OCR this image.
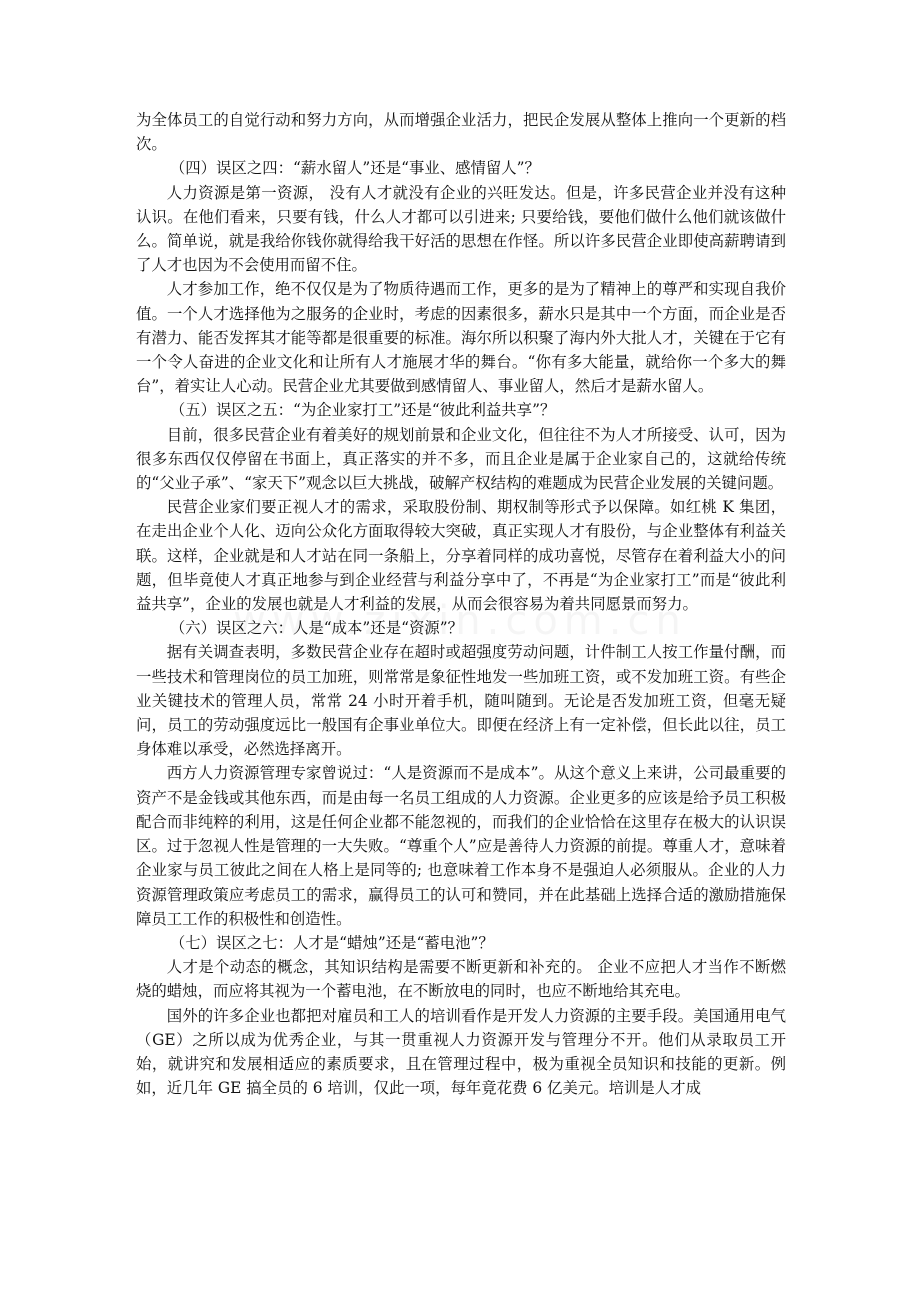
为全体员工的自觉行动和努力方向，从而增强企业活力，把民企发展从整体上推向一个更新的档次。

（四）误区之四：“薪水留人”还是“事业、感情留人”？

人力资源是第一资源， 没有人才就没有企业的兴旺发达。但是，许多民营企业并没有这种认识。在他们看来，只要有钱，什么人才都可以引进来; 只要给钱，要他们做什么他们就该做什么。简单说，就是我给你钱你就得给我干好活的思想在作怪。所以许多民营企业即使高薪聘请到了人才也因为不会使用而留不住。

人才参加工作，绝不仅仅是为了物质待遇而工作，更多的是为了精神上的尊严和实现自我价值。一个人才选择他为之服务的企业时，考虑的因素很多，薪水只是其中一个方面，而企业是否有潜力、能否发挥其才能等都是很重要的标准。海尔所以积聚了海内外大批人才，关键在于它有一个令人奋进的企业文化和让所有人才施展才华的舞台。“你有多大能量，就给你一个多大的舞台”，着实让人心动。民营企业尤其要做到感情留人、事业留人，然后才是薪水留人。

（五）误区之五：“为企业家打工”还是“彼此利益共享”？

目前，很多民营企业有着美好的规划前景和企业文化，但往往不为人才所接受、认可，因为很多东西仅仅停留在书面上，真正落实的并不多，而且企业是属于企业家自己的，这就给传统的“父业子承”、“家天下”观念以巨大挑战，破解产权结构的难题成为民营企业发展的关键问题。

民营企业家们要正视人才的需求，采取股份制、期权制等形式予以保障。如红桃 K 集团，在走出企业个人化、迈向公众化方面取得较大突破，真正实现人才有股份，与企业整体有利益关联。这样，企业就是和人才站在同一条船上，分享着同样的成功喜悦，尽管存在着利益大小的问题，但毕竟使人才真正地参与到企业经营与利益分享中了，不再是“为企业家打工”而是“彼此利益共享”，企业的发展也就是人才利益的发展，从而会很容易为着共同愿景而努力。

（六）误区之六：人是“成本”还是“资源”？

据有关调查表明，多数民营企业存在超时或超强度劳动问题，计件制工人按工作量付酬，而一些技术和管理岗位的员工加班，则常常是象征性地发一些加班工资，或不发加班工资。有些企业关键技术的管理人员，常常 24 小时开着手机，随叫随到。无论是否发加班工资，但毫无疑问，员工的劳动强度远比一般国有企事业单位大。即便在经济上有一定补偿，但长此以往，员工身体难以承受，必然选择离开。

西方人力资源管理专家曾说过：“人是资源而不是成本”。从这个意义上来讲，公司最重要的资产不是金钱或其他东西，而是由每一名员工组成的人力资源。企业更多的应该是给予员工积极配合而非纯粹的利用，这是任何企业都不能忽视的，而我们的企业恰恰在这里存在极大的认识误区。过于忽视人性是管理的一大失败。“尊重个人”应是善待人力资源的前提。尊重人才，意味着企业家与员工彼此之间在人格上是同等的; 也意味着工作本身不是强迫人必须服从。企业的人力资源管理政策应考虑员工的需求，赢得员工的认可和赞同，并在此基础上选择合适的激励措施保障员工工作的积极性和创造性。

（七）误区之七：人才是“蜡烛”还是“蓄电池”？

人才是个动态的概念，其知识结构是需要不断更新和补充的。 企业不应把人才当作不断燃烧的蜡烛，而应将其视为一个蓄电池，在不断放电的同时，也应不断地给其充电。

国外的许多企业也都把对雇员和工人的培训看作是开发人力资源的主要手段。美国通用电气（GE）之所以成为优秀企业，与其一贯重视人力资源开发与管理分不开。他们从录取员工开始，就讲究和发展相适应的素质要求，且在管理过程中，极为重视全员知识和技能的更新。例如，近几年 GE 搞全员的 6 培训，仅此一项，每年竟花费 6 亿美元。培训是人才成
